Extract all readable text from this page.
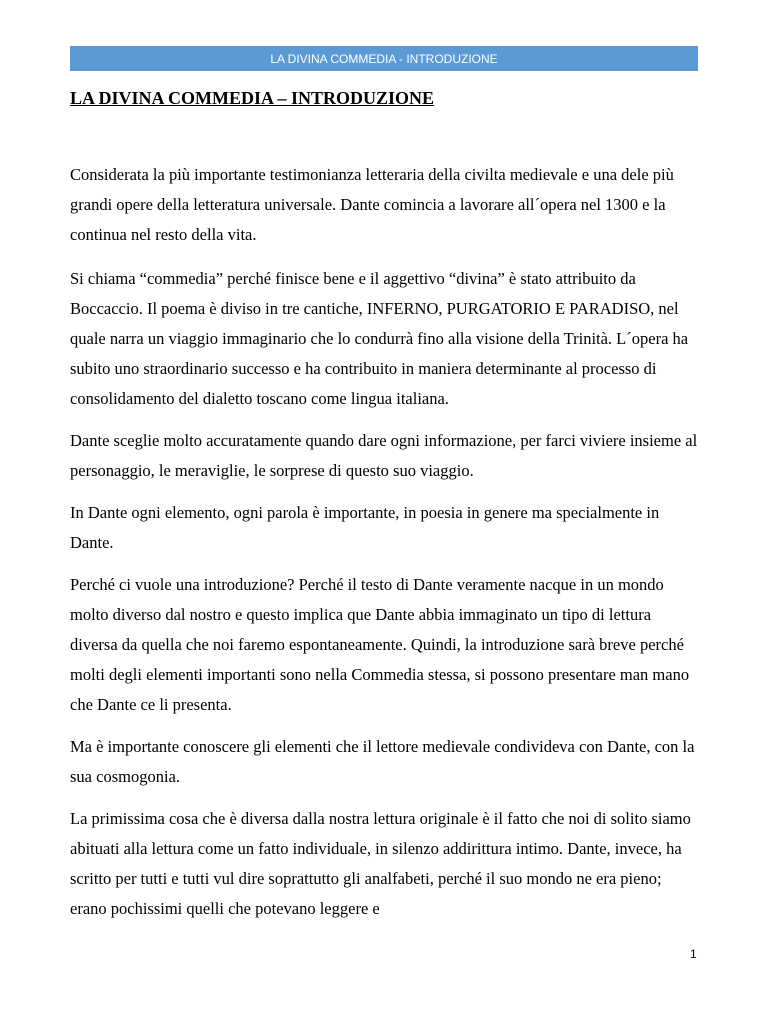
LA DIVINA COMMEDIA - INTRODUZIONE
LA DIVINA COMMEDIA – INTRODUZIONE

Considerata la più importante testimonianza letteraria della civilta medievale e una dele più grandi opere della letteratura universale. Dante comincia a lavorare all´opera nel 1300 e la continua nel resto della vita.

Si chiama “commedia” perché finisce bene e il aggettivo “divina” è stato attribuito da Boccaccio. Il poema è diviso in tre cantiche, INFERNO, PURGATORIO E PARADISO, nel quale narra un viaggio immaginario che lo condurrà fino alla visione della Trinità. L´opera ha subito uno straordinario successo e ha contribuito in maniera determinante al processo di consolidamento del dialetto toscano come lingua italiana.

Dante sceglie molto accuratamente quando dare ogni informazione, per farci viviere insieme al personaggio, le meraviglie, le sorprese di questo suo viaggio.

In Dante ogni elemento, ogni parola è importante, in poesia in genere ma specialmente in Dante.

Perché ci vuole una introduzione? Perché il testo di Dante veramente nacque in un mondo molto diverso dal nostro e questo implica que Dante abbia immaginato un tipo di lettura diversa da quella che noi faremo espontaneamente. Quindi, la introduzione sarà breve perché molti degli elementi importanti sono nella Commedia stessa, si possono presentare man mano che Dante ce li presenta.

Ma è importante conoscere gli elementi che il lettore medievale condivideva con Dante, con la sua cosmogonia.

La primissima cosa che è diversa dalla nostra lettura originale è il fatto che noi di solito siamo abituati alla lettura come un fatto individuale, in silenzo addirittura intimo. Dante, invece, ha scritto per tutti e tutti vul dire soprattutto gli analfabeti, perché il suo mondo ne era pieno; erano pochissimi quelli che potevano leggere e

1
